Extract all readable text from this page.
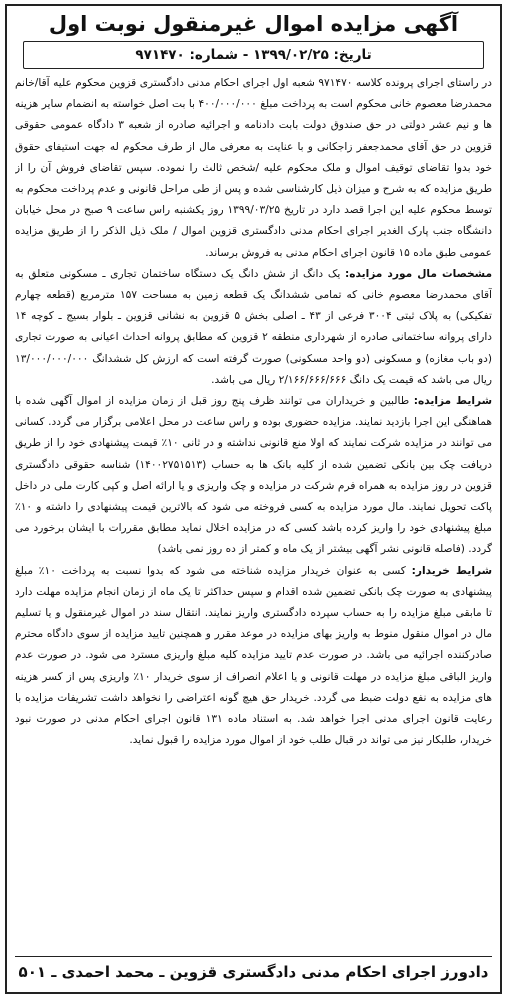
آگهی مزایده اموال غیرمنقول نوبت اول
تاریخ: ۱۳۹۹/۰۲/۲۵ - شماره: ۹۷۱۴۷۰

در راستای اجرای پرونده کلاسه ۹۷۱۴۷۰ شعبه اول اجرای احکام مدنی دادگستری قزوین محکوم علیه آقا/خانم محمدرضا معصوم خانی محکوم است به پرداخت مبلغ ۴۰۰/۰۰۰/۰۰۰ با بت اصل خواسته به انضمام سایر هزینه ها و نیم عشر دولتی در حق صندوق دولت بابت دادنامه و اجرائیه صادره از شعبه ۳ دادگاه عمومی حقوقی قزوین در حق آقای محمدجعفر زاجکانی و با عنایت به معرفی مال از طرف محکوم له جهت استیفای حقوق خود بدوا تقاضای توقیف اموال و ملک محکوم علیه /شخص ثالث را نموده. سپس تقاضای فروش آن را از طریق مزایده که به شرح و میزان ذیل کارشناسی شده و پس از طی مراحل قانونی و عدم پرداخت محکوم به توسط محکوم علیه این اجرا قصد دارد در تاریخ ۱۳۹۹/۰۳/۲۵ روز یکشنبه راس ساعت ۹ صبح در محل خیابان دانشگاه جنب پارک الغدیر اجرای احکام مدنی دادگستری قزوین اموال / ملک ذیل الذکر را از طریق مزایده عمومی طبق ماده ۱۵ قانون اجرای احکام مدنی به فروش برساند.

مشخصات مال مورد مزایده: یک دانگ از شش دانگ یک دستگاه ساختمان تجاری ـ مسکونی متعلق به آقای محمدرضا معصوم خانی که تمامی ششدانگ یک قطعه زمین به مساحت ۱۵۷ مترمربع (قطعه چهارم تفکیکی) به پلاک ثبتی ۳۰۰۴ فرعی از ۴۳ ـ اصلی بخش ۵ قزوین به نشانی قزوین ـ بلوار بسیج ـ کوچه ۱۴ دارای پروانه ساختمانی صادره از شهرداری منطقه ۲ قزوین که مطابق پروانه احداث اعیانی به صورت تجاری (دو باب مغازه) و مسکونی (دو واحد مسکونی) صورت گرفته است که ارزش کل ششدانگ ۱۳/۰۰۰/۰۰۰/۰۰۰ ریال می باشد که قیمت یک دانگ ۲/۱۶۶/۶۶۶/۶۶۶ ریال می باشد.

شرایط مزایده: طالبین و خریداران می توانند ظرف پنج روز قبل از زمان مزایده از اموال آگهی شده با هماهنگی این اجرا بازدید نمایند. مزایده حضوری بوده و راس ساعت در محل اعلامی برگزار می گردد. کسانی می توانند در مزایده شرکت نمایند که اولا منع قانونی نداشته و در ثانی ۱۰٪ قیمت پیشنهادی خود را از طریق دریافت چک بین بانکی تضمین شده از کلیه بانک ها به حساب (۱۴۰۰۲۷۵۱۵۱۳) شناسه حقوقی دادگستری قزوین در روز مزایده به همراه فرم شرکت در مزایده و چک واریزی و یا ارائه اصل و کپی کارت ملی در داخل پاکت تحویل نمایند. مال مورد مزایده به کسی فروخته می شود که بالاترین قیمت پیشنهادی را داشته و ۱۰٪ مبلغ پیشنهادی خود را واریز کرده باشد کسی که در مزایده اخلال نماید مطابق مقررات با ایشان برخورد می گردد. (فاصله قانونی نشر آگهی بیشتر از یک ماه و کمتر از ده روز نمی باشد)

شرایط خریدار: کسی به عنوان خریدار مزایده شناخته می شود که بدوا نسبت به پرداخت ۱۰٪ مبلغ پیشنهادی به صورت چک بانکی تضمین شده اقدام و سپس حداکثر تا یک ماه از زمان انجام مزایده مهلت دارد تا مابقی مبلغ مزایده را به حساب سپرده دادگستری واریز نمایند. انتقال سند در اموال غیرمنقول و یا تسلیم مال در اموال منقول منوط به واریز بهای مزایده در موعد مقرر و همچنین تایید مزایده از سوی دادگاه محترم صادرکننده اجرائیه می باشد. در صورت عدم تایید مزایده کلیه مبلغ واریزی مسترد می شود. در صورت عدم واریز الباقی مبلغ مزایده در مهلت قانونی و یا اعلام انصراف از سوی خریدار ۱۰٪ واریزی پس از کسر هزینه های مزایده به نفع دولت ضبط می گردد. خریدار حق هیچ گونه اعتراضی را نخواهد داشت تشریفات مزایده با رعایت قانون اجرای مدنی اجرا خواهد شد. به استناد ماده ۱۳۱ قانون اجرای احکام مدنی در صورت نبود خریدار، طلبکار نیز می تواند در قبال طلب خود از اموال مورد مزایده را قبول نماید.

دادورز اجرای احکام مدنی دادگستری قزوین ـ محمد احمدی ـ ۵۰۱
